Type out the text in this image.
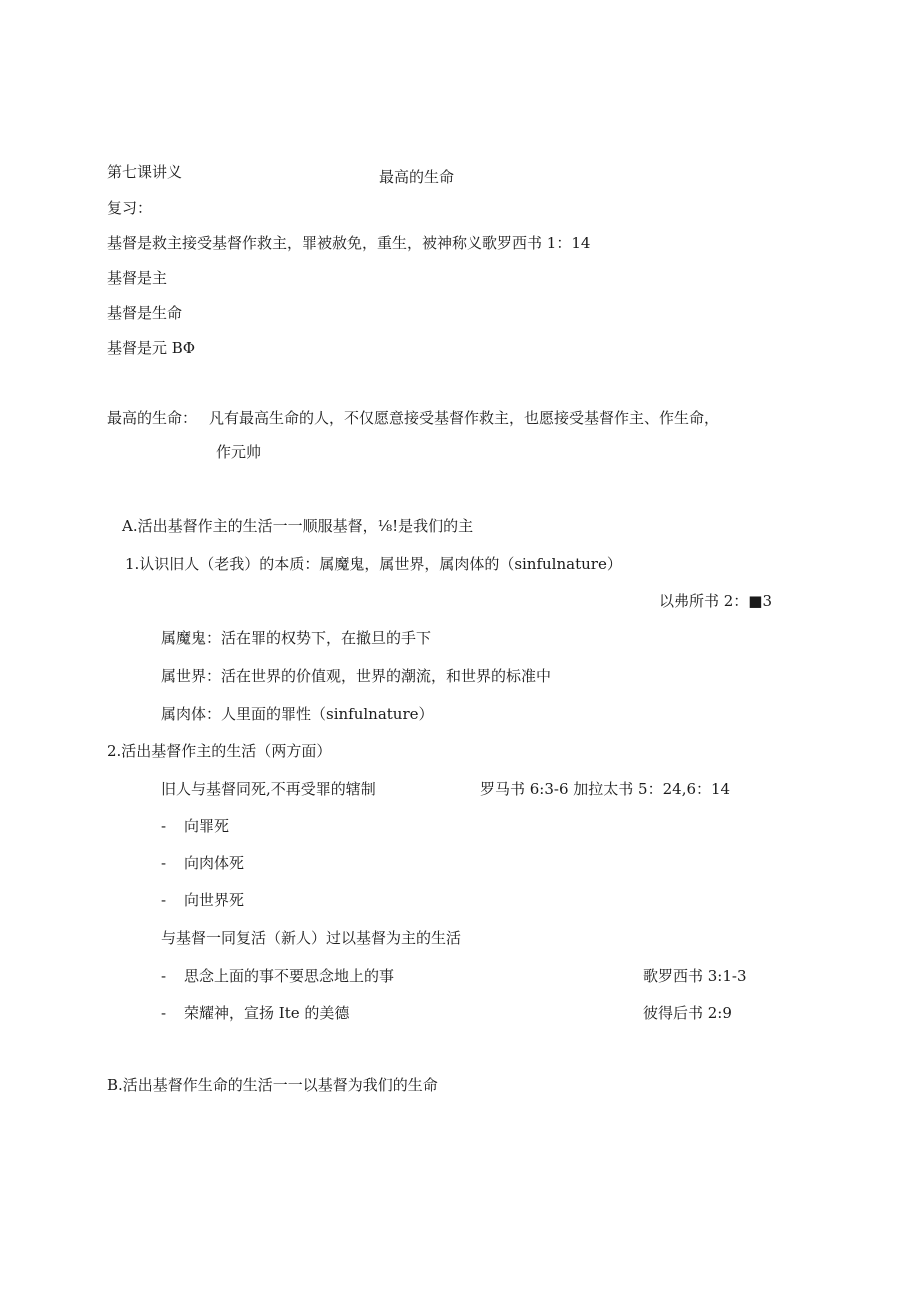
第七课讲义	最高的生命

复习：

基督是救主接受基督作救主，罪被赦免，重生，被神称义歌罗西书 1：14

基督是主

基督是生命

基督是元 BΦ

最高的生命： 凡有最高生命的人，不仅愿意接受基督作救主，也愿接受基督作主、作生命，

作元帅

A.活出基督作主的生活一一顺服基督，⅛!是我们的主

1.认识旧人（老我）的本质：属魔鬼，属世界，属肉体的（sinfulnature）

以弗所书 2：■3

属魔鬼：活在罪的权势下，在撤旦的手下

属世界：活在世界的价值观，世界的潮流，和世界的标准中

属肉体：人里面的罪性（sinfulnature）

2.活出基督作主的生活（两方面）

旧人与基督同死,不再受罪的辖制	罗马书 6:3-6 加拉太书 5：24,6：14

- 向罪死

- 向肉体死

- 向世界死

与基督一同复活（新人）过以基督为主的生活

- 思念上面的事不要思念地上的事	歌罗西书 3:1-3

- 荣耀神，宣扬 Ite 的美德	彼得后书 2:9

B.活出基督作生命的生活一一以基督为我们的生命
